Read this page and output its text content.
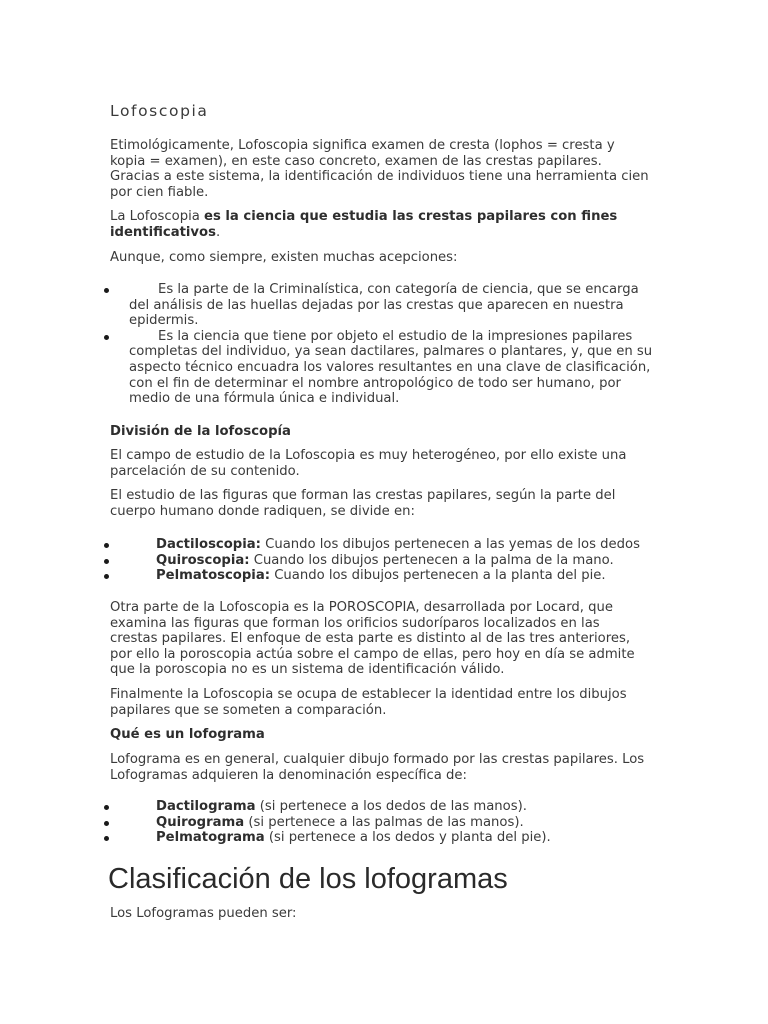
Lofoscopia

Etimológicamente, Lofoscopia significa examen de cresta (lophos = cresta y kopia = examen), en este caso concreto, examen de las crestas papilares. Gracias a este sistema, la identificación de individuos tiene una herramienta cien por cien fiable.

La Lofoscopia es la ciencia que estudia las crestas papilares con fines identificativos.

Aunque, como siempre, existen muchas acepciones:

Es la parte de la Criminalística, con categoría de ciencia, que se encarga del análisis de las huellas dejadas por las crestas que aparecen en nuestra epidermis.
Es la ciencia que tiene por objeto el estudio de la impresiones papilares completas del individuo, ya sean dactilares, palmares o plantares, y, que en su aspecto técnico encuadra los valores resultantes en una clave de clasificación, con el fin de determinar el nombre antropológico de todo ser humano, por medio de una fórmula única e individual.
División de la lofoscopía

El campo de estudio de la Lofoscopia es muy heterogéneo, por ello existe una parcelación de su contenido.

El estudio de las figuras que forman las crestas papilares, según la parte del cuerpo humano donde radiquen, se divide en:

Dactiloscopia: Cuando los dibujos pertenecen a las yemas de los dedos
Quiroscopia: Cuando los dibujos pertenecen a la palma de la mano.
Pelmatoscopia: Cuando los dibujos pertenecen a la planta del pie.

Otra parte de la Lofoscopia es la POROSCOPIA, desarrollada por Locard, que examina las figuras que forman los orificios sudoríparos localizados en las crestas papilares. El enfoque de esta parte es distinto al de las tres anteriores, por ello la poroscopia actúa sobre el campo de ellas, pero hoy en día se admite que la poroscopia no es un sistema de identificación válido.

Finalmente la Lofoscopia se ocupa de establecer la identidad entre los dibujos papilares que se someten a comparación.

Qué es un lofograma

Lofograma es en general, cualquier dibujo formado por las crestas papilares. Los Lofogramas adquieren la denominación específica de:

Dactilograma (si pertenece a los dedos de las manos).
Quirograma (si pertenece a las palmas de las manos).
Pelmatograma (si pertenece a los dedos y planta del pie).
Clasificación de los lofogramas

Los Lofogramas pueden ser:
